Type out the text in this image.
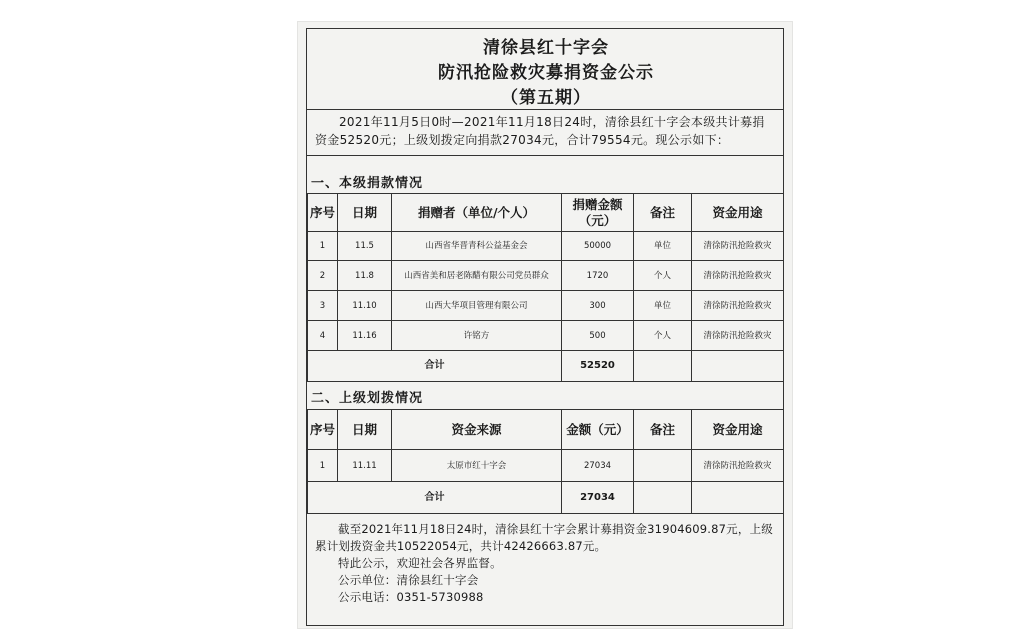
清徐县红十字会
防汛抢险救灾募捐资金公示
（第五期）

2021年11月5日0时—2021年11月18日24时，清徐县红十字会本级共计募捐资金52520元；上级划拨定向捐款27034元，合计79554元。现公示如下：

一、本级捐款情况
序号	日期	捐赠者（单位/个人）	捐赠金额（元）	备注	资金用途
1	11.5	山西省华晋青科公益基金会	50000	单位	清徐防汛抢险救灾
2	11.8	山西省美和居老陈醋有限公司党员群众	1720	个人	清徐防汛抢险救灾
3	11.10	山西大华项目管理有限公司	300	单位	清徐防汛抢险救灾
4	11.16	许铭方	500	个人	清徐防汛抢险救灾
合计			52520		
二、上级划拨情况
序号	日期	资金来源	金额（元）	备注	资金用途
1	11.11	太原市红十字会	27034		清徐防汛抢险救灾
合计			27034		

截至2021年11月18日24时，清徐县红十字会累计募捐资金31904609.87元，上级累计划拨资金共10522054元，共计42426663.87元。

特此公示，欢迎社会各界监督。

公示单位：清徐县红十字会

公示电话：0351-5730988
